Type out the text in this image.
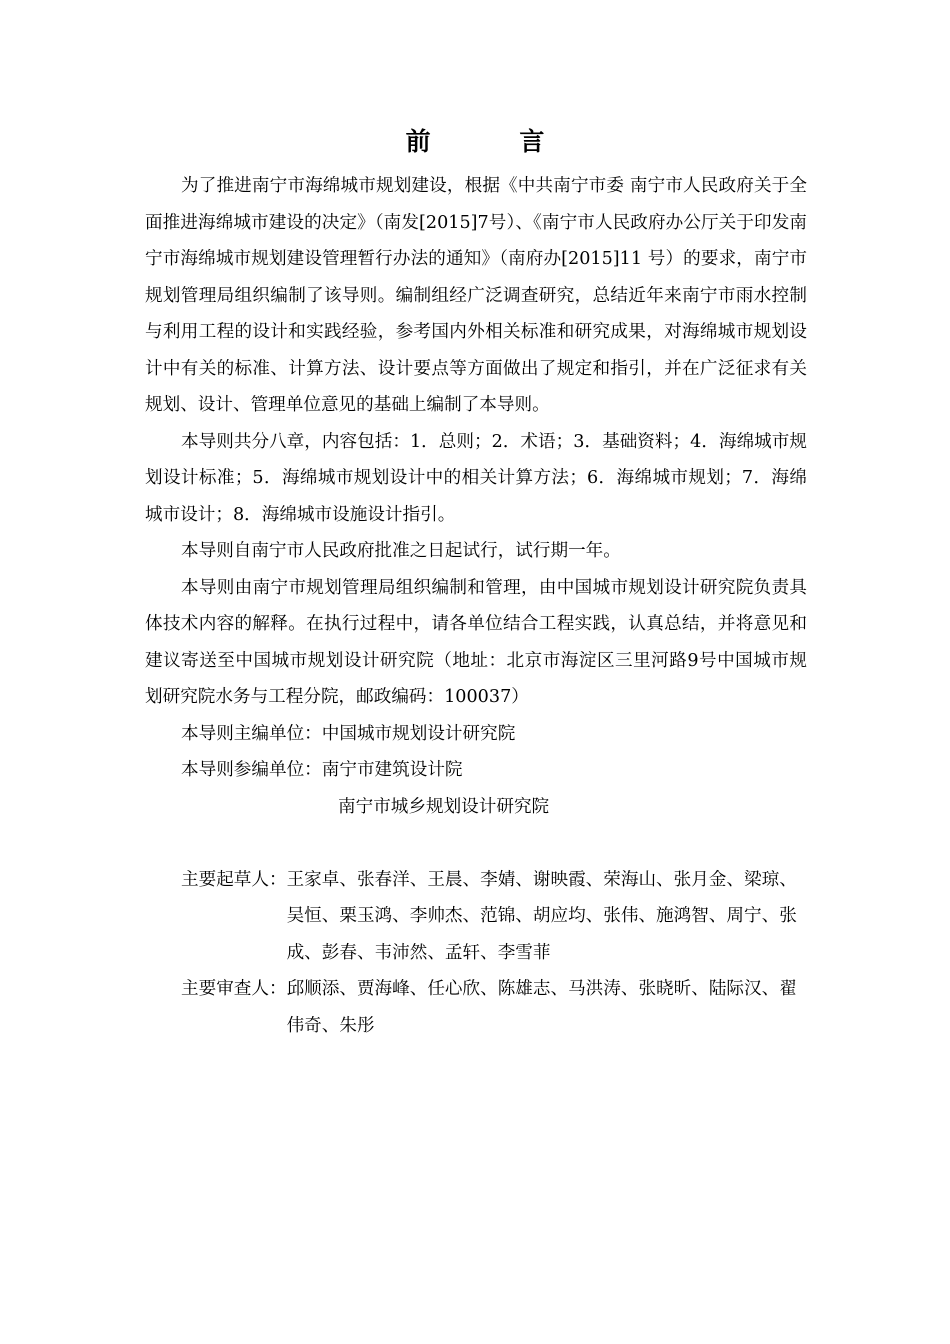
前 言

为了推进南宁市海绵城市规划建设，根据《中共南宁市委 南宁市人民政府关于全面推进海绵城市建设的决定》（南发[2015]7号）、《南宁市人民政府办公厅关于印发南宁市海绵城市规划建设管理暂行办法的通知》（南府办[2015]11 号）的要求，南宁市规划管理局组织编制了该导则。编制组经广泛调查研究，总结近年来南宁市雨水控制与利用工程的设计和实践经验，参考国内外相关标准和研究成果，对海绵城市规划设计中有关的标准、计算方法、设计要点等方面做出了规定和指引，并在广泛征求有关规划、设计、管理单位意见的基础上编制了本导则。

本导则共分八章，内容包括：1．总则；2．术语；3．基础资料；4．海绵城市规划设计标准；5．海绵城市规划设计中的相关计算方法；6．海绵城市规划；7．海绵城市设计；8．海绵城市设施设计指引。

本导则自南宁市人民政府批准之日起试行，试行期一年。

本导则由南宁市规划管理局组织编制和管理，由中国城市规划设计研究院负责具体技术内容的解释。在执行过程中，请各单位结合工程实践，认真总结，并将意见和建议寄送至中国城市规划设计研究院（地址：北京市海淀区三里河路9号中国城市规划研究院水务与工程分院，邮政编码：100037）

本导则主编单位：中国城市规划设计研究院

本导则参编单位：南宁市建筑设计院

南宁市城乡规划设计研究院

主要起草人： 王家卓、张春洋、王晨、李婧、谢映霞、荣海山、张月金、梁琼、吴恒、栗玉鸿、李帅杰、范锦、胡应均、张伟、施鸿智、周宁、张成、彭春、韦沛然、孟轩、李雪菲
主要审查人： 邱顺添、贾海峰、任心欣、陈雄志、马洪涛、张晓昕、陆际汉、翟伟奇、朱彤
